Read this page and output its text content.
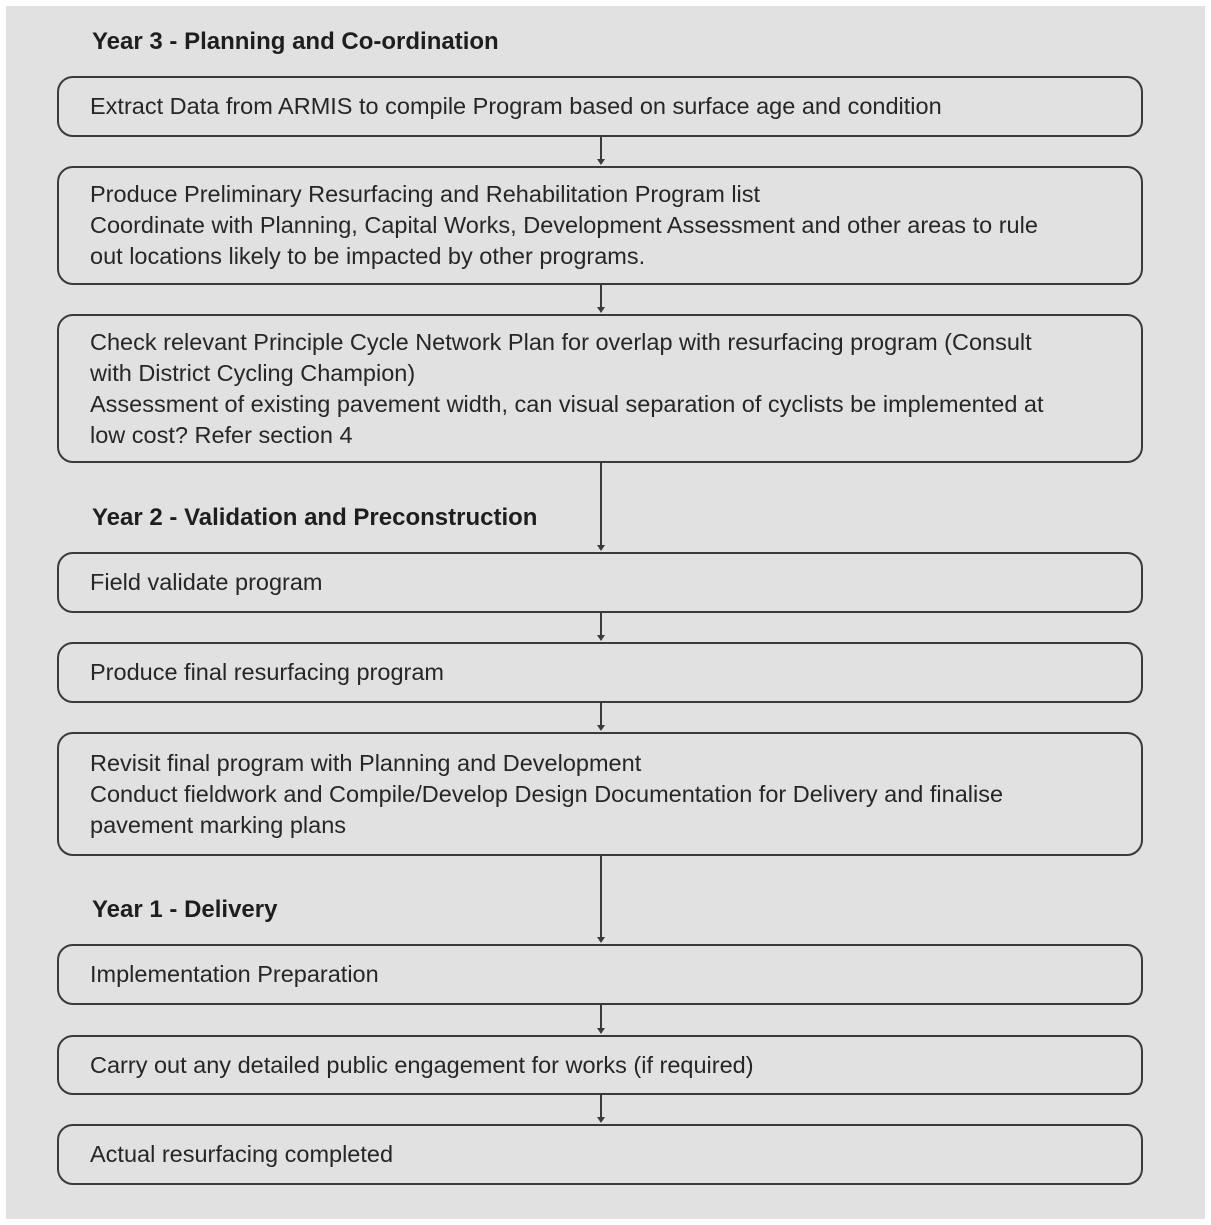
Year 3 - Planning and Co-ordination
Extract Data from ARMIS to compile Program based on surface age and condition
Produce Preliminary Resurfacing and Rehabilitation Program list
Coordinate with Planning, Capital Works, Development Assessment and other areas to rule
out locations likely to be impacted by other programs.
Check relevant Principle Cycle Network Plan for overlap with resurfacing program (Consult
with District Cycling Champion)
Assessment of existing pavement width, can visual separation of cyclists be implemented at
low cost? Refer section 4
Year 2 - Validation and Preconstruction
Field validate program
Produce final resurfacing program
Revisit final program with Planning and Development
Conduct fieldwork and Compile/Develop Design Documentation for Delivery and finalise
pavement marking plans
Year 1 - Delivery
Implementation Preparation
Carry out any detailed public engagement for works (if required)
Actual resurfacing completed
